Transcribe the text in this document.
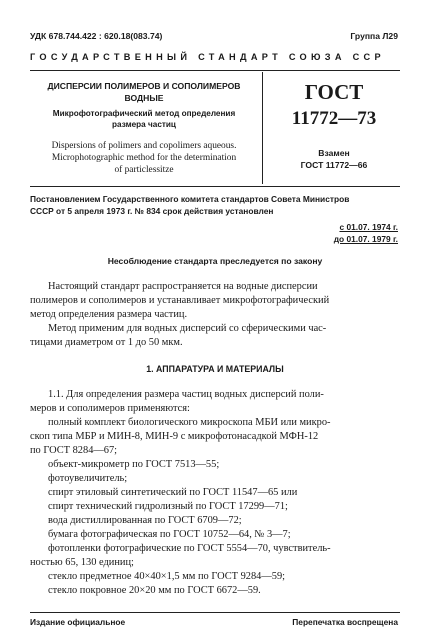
УДК 678.744.422 : 620.18(083.74)	Группа Л29
ГОСУДАРСТВЕННЫЙ СТАНДАРТ СОЮЗА ССР
ДИСПЕРСИИ ПОЛИМЕРОВ И СОПОЛИМЕРОВ
ВОДНЫЕ
Микрофотографический метод определения
размера частиц
Dispersions of polimers and copolimers aqueous.
Microphotographic method for the determination
of particlessitze
ГОСТ
11772—73
Взамен
ГОСТ 11772—66
Постановлением Государственного комитета стандартов Совета Министров
СССР от 5 апреля 1973 г. № 834 срок действия установлен
с 01.07. 1974 г.
до 01.07. 1979 г.
Несоблюдение стандарта преследуется по закону
Настоящий стандарт распространяется на водные дисперсии
полимеров и сополимеров и устанавливает микрофотографический
метод определения размера частиц.
Метод применим для водных дисперсий со сферическими час-
тицами диаметром от 1 до 50 мкм.
1. АППАРАТУРА И МАТЕРИАЛЫ
1.1. Для определения размера частиц водных дисперсий поли-
меров и сополимеров применяются:
полный комплект биологического микроскопа МБИ или микро-
скоп типа МБР и МИН-8, МИН-9 с микрофотонасадкой МФН-12
по ГОСТ 8284—67;
объект-микрометр по ГОСТ 7513—55;
фотоувеличитель;
спирт этиловый синтетический по ГОСТ 11547—65 или
спирт технический гидролизный по ГОСТ 17299—71;
вода дистиллированная по ГОСТ 6709—72;
бумага фотографическая по ГОСТ 10752—64, № 3—7;
фотопленки фотографические по ГОСТ 5554—70, чувствитель-
ностью 65, 130 единиц;
стекло предметное 40×40×1,5 мм по ГОСТ 9284—59;
стекло покровное 20×20 мм по ГОСТ 6672—59.
Издание официальное	Перепечатка воспрещена
